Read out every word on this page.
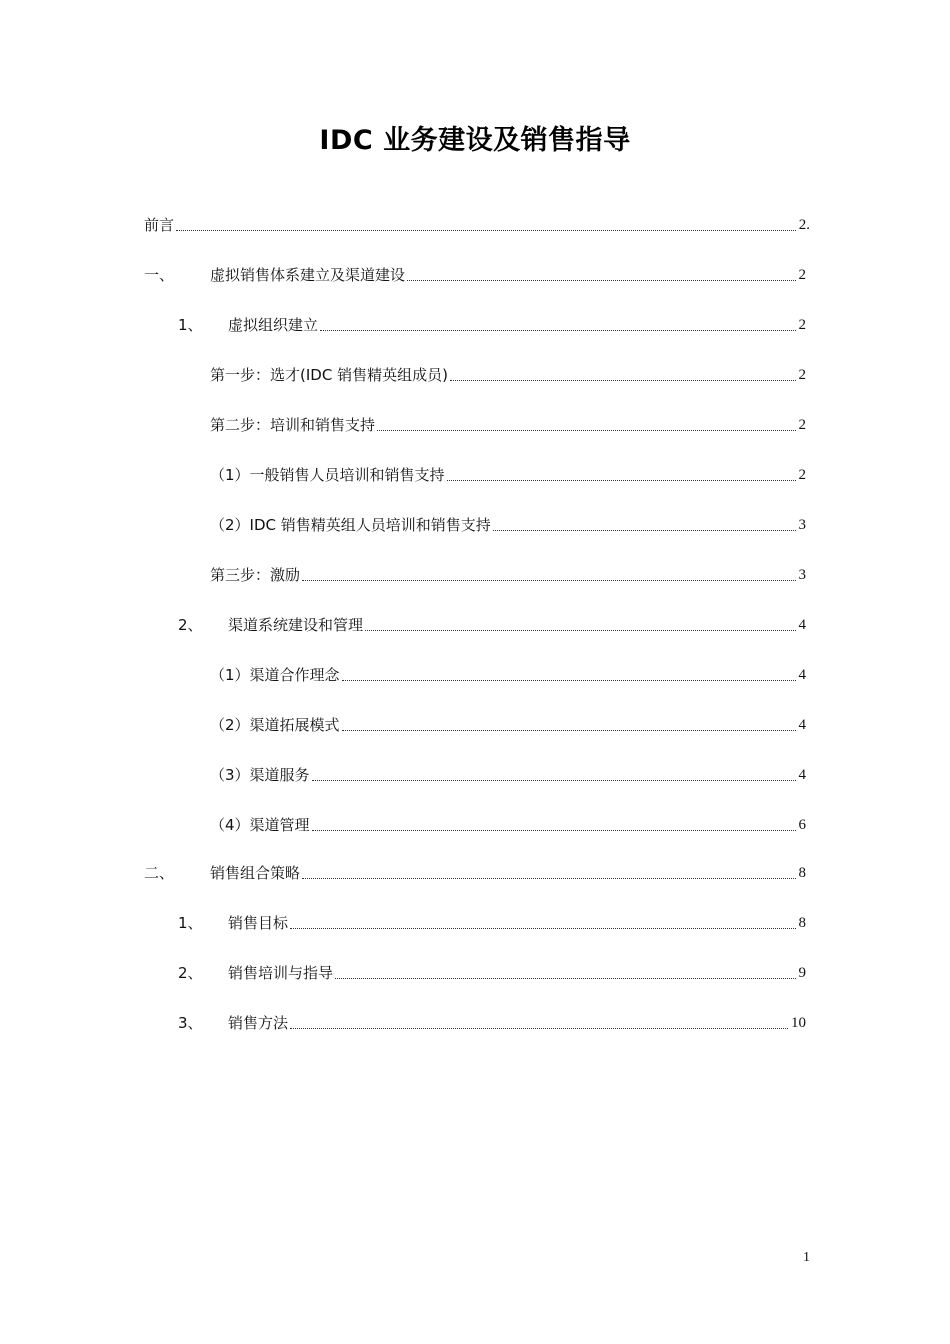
IDC 业务建设及销售指导
前言	2.
一、	虚拟销售体系建立及渠道建设	2
1、	虚拟组织建立	2
第一步：选才(IDC 销售精英组成员)	2
第二步：培训和销售支持	2
（1）一般销售人员培训和销售支持	2
（2）IDC 销售精英组人员培训和销售支持	3
第三步：激励	3
2、	渠道系统建设和管理	4
（1）渠道合作理念	4
（2）渠道拓展模式	4
（3）渠道服务	4
（4）渠道管理	6
二、	销售组合策略	8
1、	销售目标	8
2、	销售培训与指导	9
3、	销售方法	10
1
